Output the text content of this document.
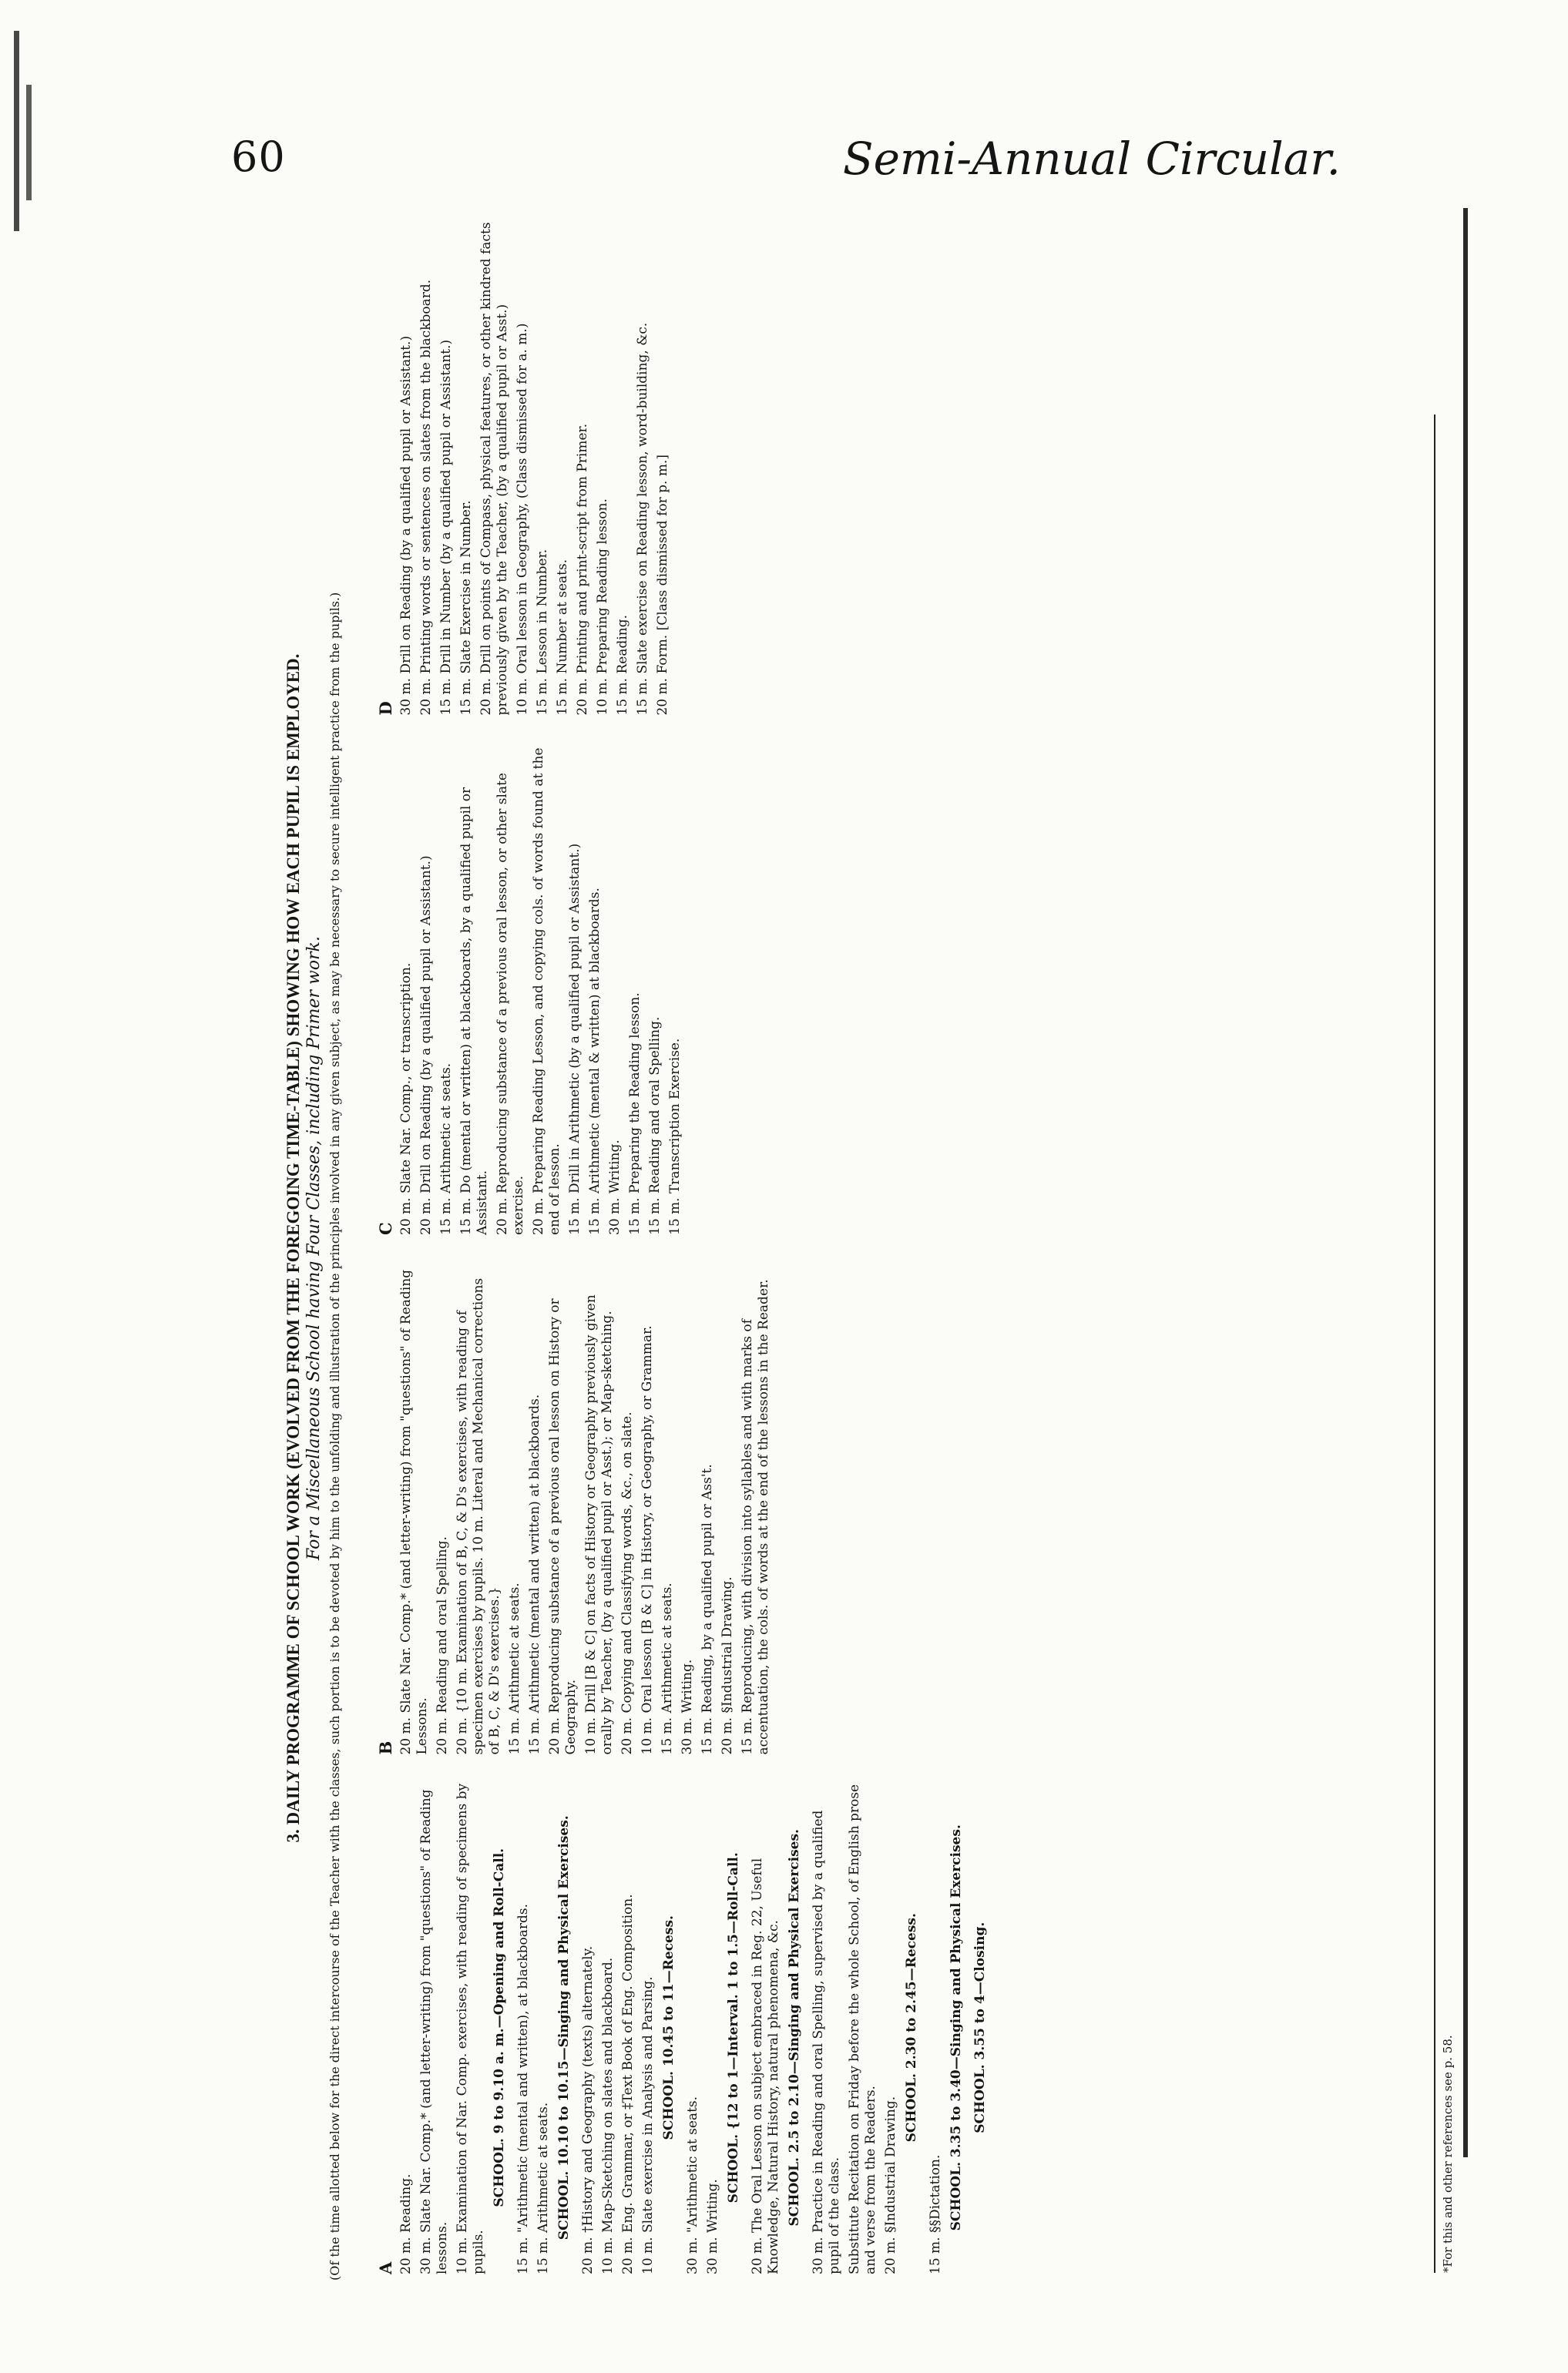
60	Semi-Annual Circular.
3. DAILY PROGRAMME OF SCHOOL WORK (EVOLVED FROM THE FOREGOING TIME-TABLE) SHOWING HOW EACH PUPIL IS EMPLOYED. For a Miscellaneous School having Four Classes, including Primer work. (Of the time allotted below for the direct intercourse of the Teacher with the classes, such portion is to be devoted by him to the unfolding and illustration of the principles involved in any given subject, as may be necessary to secure intelligent practice from the pupils.) A 20 m. Reading. 30 m. Slate Nar. Comp.* (and letter-writing) from "questions" of Reading lessons. 10 m. Examination of Nar. Comp. exercises, with reading of specimens by pupils.
SCHOOL. 9 to 9.10 a. m.—Opening and Roll-Call. 15 m. "Arithmetic (mental and written), at blackboards. 15 m. Arithmetic at seats. SCHOOL. 10.10 to 10.15—Singing and Physical Exercises. 20 m. †History and Geography (texts) alternately. 10 m. Map-Sketching on slates and blackboard. 20 m. Eng. Grammar, or ‡Text Book of Eng. Composition. 10 m. Slate exercise in Analysis and Parsing. SCHOOL. 10.45 to 11—Recess.
30 m. "Arithmetic at seats. 30 m. Writing.
SCHOOL. {12 to 1—Interval. 1 to 1.5—Roll-Call. 20 m. The Oral Lesson on subject embraced in Reg. 22, Useful Knowledge, Natural History, natural phenomena, &c. SCHOOL. 2.5 to 2.10—Singing and Physical Exercises. 30 m. Practice in Reading and oral Spelling, supervised by a qualified pupil of the class. Substitute Recitation on Friday before the whole School, of English prose and verse from the Readers. 20 m. §Industrial Drawing.
SCHOOL. 2.30 to 2.45—Recess.
15 m. §§Dictation. SCHOOL. 3.35 to 3.40—Singing and Physical Exercises. SCHOOL. 3.55 to 4—Closing.
B 20 m. Slate Nar. Comp.* (and letter-writing) from "questions" of Reading Lessons. 20 m. Reading and oral Spelling. 20 m. {10 m. Examination of B, C, & D's exercises, with reading of specimen exercises by pupils. 10 m. Literal and Mechanical corrections of B, C, & D's exercises.} 15 m. Arithmetic at seats. 15 m. Arithmetic (mental and written) at blackboards. 20 m. Reproducing substance of a previous oral lesson on History or Geography. 10 m. Drill [B & C] on facts of History or Geography previously given orally by Teacher, (by a qualified pupil or Asst.); or Map-sketching. 20 m. Copying and Classifying words, &c., on slate. 10 m. Oral lesson [B & C] in History, or Geography, or Grammar. 15 m. Arithmetic at seats. 30 m. Writing. 15 m. Reading, by a qualified pupil or Ass't. 20 m. §Industrial Drawing. 15 m. Reproducing, with division into syllables and with marks of accentuation, the cols. of words at the end of the lessons in the Reader.
C 20 m. Slate Nar. Comp., or transcription. 20 m. Drill on Reading (by a qualified pupil or Assistant.) 15 m. Arithmetic at seats. 15 m. Do (mental or written) at blackboards, by a qualified pupil or Assistant. 20 m. Reproducing substance of a previous oral lesson, or other slate exercise. 20 m. Preparing Reading Lesson, and copying cols. of words found at the end of lesson. 15 m. Drill in Arithmetic (by a qualified pupil or Assistant.) 15 m. Arithmetic (mental & written) at blackboards. 30 m. Writing. 15 m. Preparing the Reading lesson. 15 m. Reading and oral Spelling. 15 m. Transcription Exercise.
D 30 m. Drill on Reading (by a qualified pupil or Assistant.) 20 m. Printing words or sentences on slates from the blackboard. 15 m. Drill in Number (by a qualified pupil or Assistant.) 15 m. Slate Exercise in Number. 20 m. Drill on points of Compass, physical features, or other kindred facts previously given by the Teacher, (by a qualified pupil or Asst.) 10 m. Oral lesson in Geography, (Class dismissed for a. m.) 15 m. Lesson in Number. 15 m. Number at seats. 20 m. Printing and print-script from Primer. 10 m. Preparing Reading lesson. 15 m. Reading. 15 m. Slate exercise on Reading lesson, word-building, &c. 20 m. Form. [Class dismissed for p. m.]
*For this and other references see p. 58.
